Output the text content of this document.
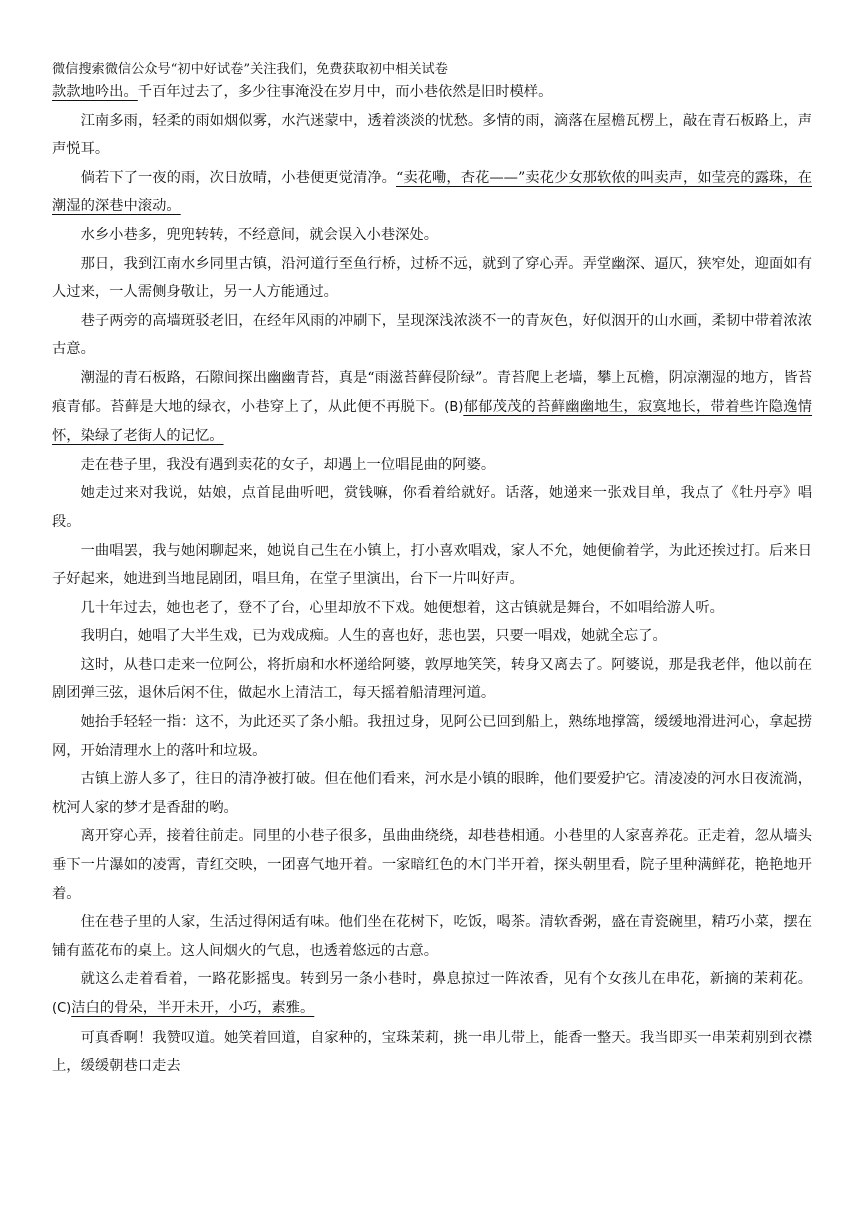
微信搜索微信公众号“初中好试卷”关注我们，免费获取初中相关试卷

款款地吟出。千百年过去了，多少往事淹没在岁月中，而小巷依然是旧时模样。

江南多雨，轻柔的雨如烟似雾，水汽迷蒙中，透着淡淡的忧愁。多情的雨，滴落在屋檐瓦楞上，敲在青石板路上，声声悦耳。

倘若下了一夜的雨，次日放晴，小巷便更觉清净。“卖花嘞，杏花——”卖花少女那软侬的叫卖声，如莹亮的露珠，在潮湿的深巷中滚动。

水乡小巷多，兜兜转转，不经意间，就会误入小巷深处。

那日，我到江南水乡同里古镇，沿河道行至鱼行桥，过桥不远，就到了穿心弄。弄堂幽深、逼仄，狭窄处，迎面如有人过来，一人需侧身敬让，另一人方能通过。

巷子两旁的高墙斑驳老旧，在经年风雨的冲刷下，呈现深浅浓淡不一的青灰色，好似洇开的山水画，柔韧中带着浓浓古意。

潮湿的青石板路，石隙间探出幽幽青苔，真是“雨滋苔藓侵阶绿”。青苔爬上老墙，攀上瓦檐，阴凉潮湿的地方，皆苔痕青郁。苔藓是大地的绿衣，小巷穿上了，从此便不再脱下。(B)郁郁茂茂的苔藓幽幽地生，寂寞地长，带着些许隐逸情怀，染绿了老街人的记忆。

走在巷子里，我没有遇到卖花的女子，却遇上一位唱昆曲的阿婆。

她走过来对我说，姑娘，点首昆曲听吧，赏钱嘛，你看着给就好。话落，她递来一张戏目单，我点了《牡丹亭》唱段。

一曲唱罢，我与她闲聊起来，她说自己生在小镇上，打小喜欢唱戏，家人不允，她便偷着学，为此还挨过打。后来日子好起来，她进到当地昆剧团，唱旦角，在堂子里演出，台下一片叫好声。

几十年过去，她也老了，登不了台，心里却放不下戏。她便想着，这古镇就是舞台，不如唱给游人听。

我明白，她唱了大半生戏，已为戏成痴。人生的喜也好，悲也罢，只要一唱戏，她就全忘了。

这时，从巷口走来一位阿公，将折扇和水杯递给阿婆，敦厚地笑笑，转身又离去了。阿婆说，那是我老伴，他以前在剧团弹三弦，退休后闲不住，做起水上清洁工，每天摇着船清理河道。

她抬手轻轻一指：这不，为此还买了条小船。我扭过身，见阿公已回到船上，熟练地撑篙，缓缓地滑进河心，拿起捞网，开始清理水上的落叶和垃圾。

古镇上游人多了，往日的清净被打破。但在他们看来，河水是小镇的眼眸，他们要爱护它。清凌凌的河水日夜流淌，枕河人家的梦才是香甜的哟。

离开穿心弄，接着往前走。同里的小巷子很多，虽曲曲绕绕，却巷巷相通。小巷里的人家喜养花。正走着，忽从墙头垂下一片瀑如的凌霄，青红交映，一团喜气地开着。一家暗红色的木门半开着，探头朝里看，院子里种满鲜花，艳艳地开着。

住在巷子里的人家，生活过得闲适有味。他们坐在花树下，吃饭，喝茶。清软香粥，盛在青瓷碗里，精巧小菜，摆在铺有蓝花布的桌上。这人间烟火的气息，也透着悠远的古意。

就这么走着看着，一路花影摇曳。转到另一条小巷时，鼻息掠过一阵浓香，见有个女孩儿在串花，新摘的茉莉花。(C)洁白的骨朵，半开未开，小巧，素雅。

可真香啊！我赞叹道。她笑着回道，自家种的，宝珠茉莉，挑一串儿带上，能香一整天。我当即买一串茉莉别到衣襟上，缓缓朝巷口走去
